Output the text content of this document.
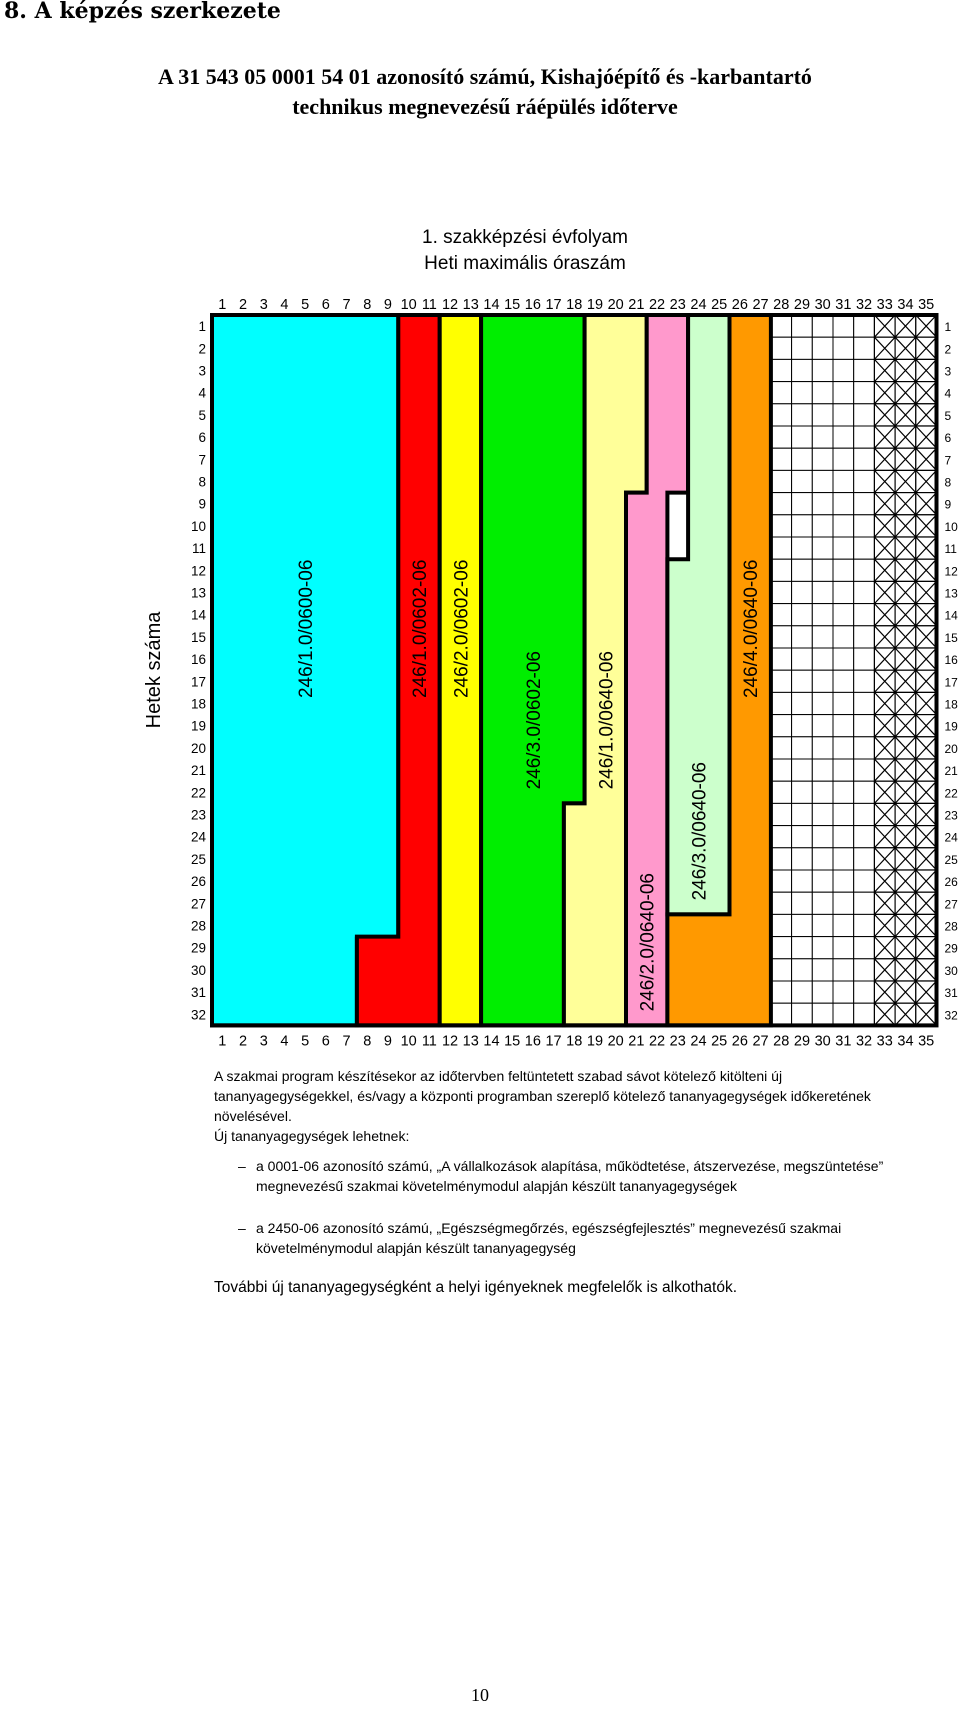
8. A képzés szerkezete
A 31 543 05 0001 54 01 azonosító számú, Kishajóépítő és -karbantartó
technikus megnevezésű ráépülés időterve
1. szakképzési évfolyam
Heti maximális óraszám
246/1.0/0600-06	246/1.0/0602-06 246/2.0/0602-06
246/3.0/0602-06	246/1.0/0640-06
246/2.0/0640-06
246/3.0/0640-06
246/4.0/0640-06
1
1
2
2
3
3
4
4
5
5
6
6
7
7
8
8
9
9
10
10
11
11
12
12
13
13
14
14
15
15
16
16
17
17
18
18
19
19
20
20
21
21
22
22
23
23
24
24
25
25
26
26
27
27
28
28
29
29
30
30
31
31
32
32
33
33
34
34
35
35
1	1
2	2
3	3
4	4
5	5
6	6
7	7
8	8
9	9
10	10
11	11
12	12
13	13
14	14
15	15
16	16
17	17
18	18
19	19
20	20
21	21
22	22
23	23
24	24
25	25
26	26
27	27
28	28
29	29
30	30
31	31
32	32
Hetek száma

A szakmai program készítésekor az időtervben feltüntetett szabad sávot kötelező kitölteni új tananyagegységekkel, és/vagy a központi programban szereplő kötelező tananyagegységek időkeretének növelésével.

Új tananyagegységek lehetnek:

– a 0001-06 azonosító számú, „A vállalkozások alapítása, működtetése, átszervezése, megszüntetése” megnevezésű szakmai követelménymodul alapján készült tananyagegységek
– a 2450-06 azonosító számú, „Egészségmegőrzés, egészségfejlesztés” megnevezésű szakmai követelménymodul alapján készült tananyagegység

További új tananyagegységként a helyi igényeknek megfelelők is alkothatók.

10
